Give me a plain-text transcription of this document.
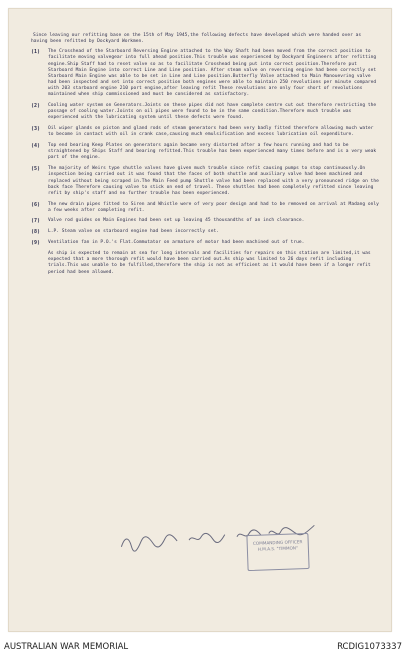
Since leaving our refitting base on the 15th of May 1945,the following defects have developed which were handed over as having been refitted by Dockyard Workmen.

(1)	The Crosshead of the Starboard Reversing Engine attached to the Way Shaft had been moved from the correct position to facilitate moving valvegear into full ahead position.This trouble was experienced by Dockyard Engineers after refitting engine.Ship Staff had to reset valve so as to facilitate Crosshead being put into correct position.Therefore put Starboard Main Engine into correct Line and Line position. After steam valve on reversing engine had been correctly set Starboard Main Engine was able to be set in Line and Line position.Butterfly Valve attached to Main Manouevring valve had been inspected and set into correct position both engines were able to maintain 250 revolutions per minute compared with 203 starboard engine 210 port engine,after leaving refit These revolutions are only four short of revolutions maintained when ship commissioned and must be considered as satisfactory.
(2)	Cooling water system on Generators.Joints on these pipes did not have complete centre cut out therefore restricting the passage of cooling water.Joints on oil pipes were found to be in the same condition.Therefore much trouble was experienced with the lubricating system until these defects were found.
(3)	Oil wiper glands on piston and gland rods of steam generators had been very badly fitted therefore allowing much water to become in contact with oil in crank case,causing much emulsification and excess lubrication oil expenditure.
(4)	Top end bearing Keep Plates on generators again became very distorted after a few hours running and had to be straightened by Ships Staff and bearing refitted.This trouble has been experienced many times before and is a very weak part of the engine.
(5)	The majority of Weirs type shuttle valves have given much trouble since refit causing pumps to stop continuously.On inspection being carried out it was found that the faces of both shuttle and auxiliary valve had been machined and replaced without being scraped in.The Main Feed pump Shuttle valve had been replaced with a very pronounced ridge on the back face Therefore causing valve to stick on end of travel. These shuttles had been completely refitted since leaving refit by ship's staff and no further trouble has been experienced.
(6)	The new drain pipes fitted to Siren and Whistle were of very poor design and had to be removed on arrival at Madang only a few weeks after completing refit.
(7)	Valve rod guides on Main Engines had been set up leaving 45 thousandths of an inch clearance.
(8)	L.P. Steam valve on starboard engine had been incorrectly set.
(9)	Ventilation fan in P.O.'s Flat.Commutator on armature of motor had been machined out of true.

As ship is expected to remain at sea for long intervals and facilities for repairs on this station are limited,it was expected that a more thorough refit would have been carried out.As ship was limited to 26 days refit including trials.This was unable to be fulfilled,therefore the ship is not as efficient as it would have been if a longer refit period had been allowed.

COMMANDING OFFICER
H.M.A.S. "TIMMON"
AUSTRALIAN WAR MEMORIAL	RCDIG1073337
